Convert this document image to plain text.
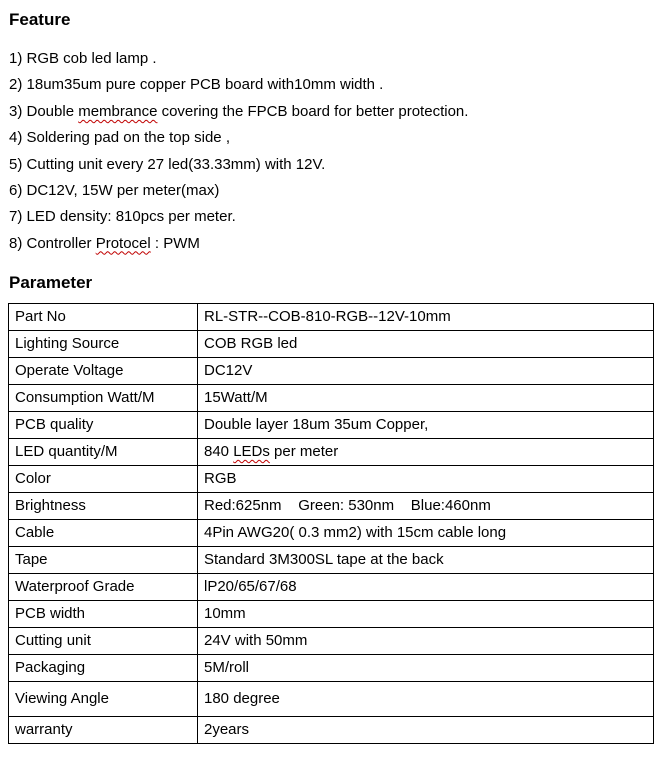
Feature
1) RGB cob led lamp .
2) 18um35um pure copper PCB board with10mm width .
3) Double membrance covering the FPCB board for better protection.
4) Soldering pad on the top side ,
5) Cutting unit every 27 led(33.33mm) with 12V.
6) DC12V, 15W per meter(max)
7) LED density: 810pcs per meter.
8) Controller Protocel : PWM
Parameter
Part No	RL-STR--COB-810-RGB--12V-10mm
Lighting Source	COB RGB led
Operate Voltage	DC12V
Consumption Watt/M	15Watt/M
PCB quality	Double layer 18um 35um Copper,
LED quantity/M	840 LEDs per meter
Color	RGB
Brightness	Red:625nm    Green: 530nm    Blue:460nm
Cable	4Pin AWG20( 0.3 mm2) with 15cm cable long
Tape	Standard 3M300SL tape at the back
Waterproof Grade	lP20/65/67/68
PCB width	10mm
Cutting unit	24V with 50mm
Packaging	5M/roll
Viewing Angle	180 degree
warranty	2years
